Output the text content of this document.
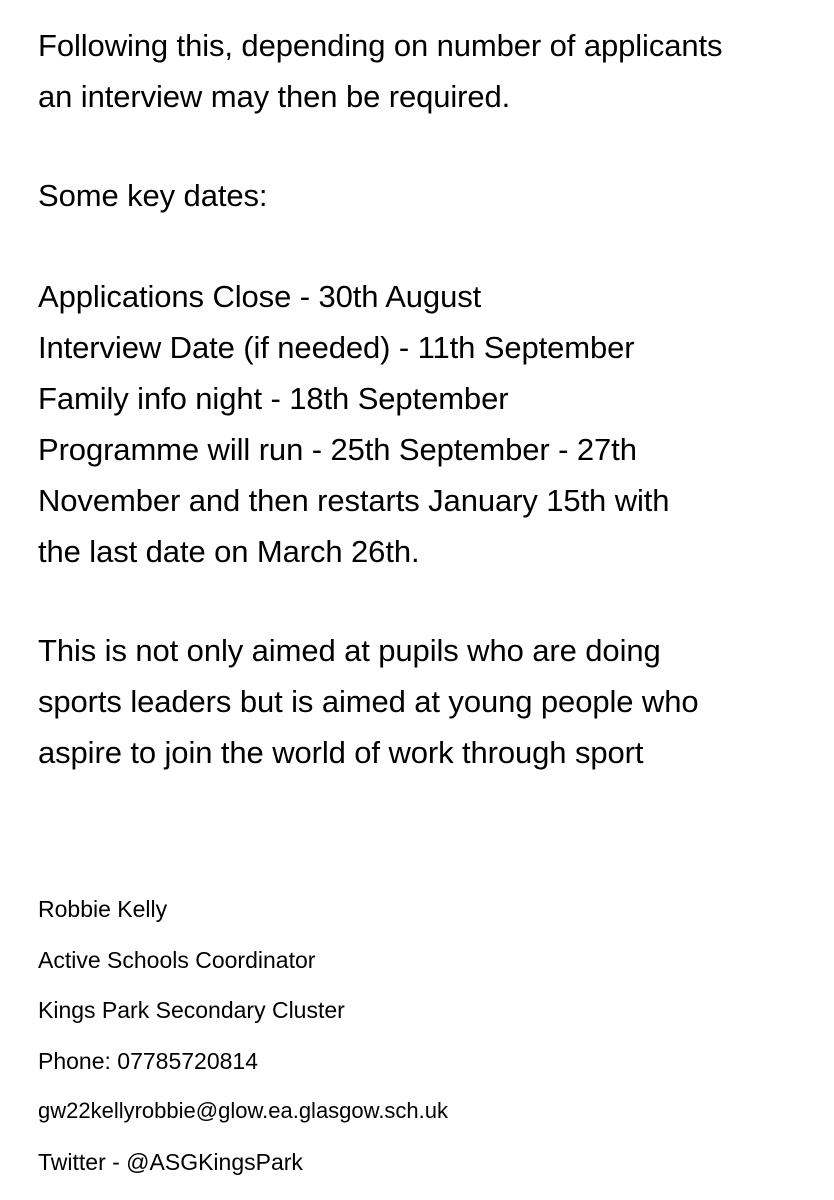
Following this, depending on number of applicants
an interview may then be required.
Some key dates:
Applications Close - 30th August
Interview Date (if needed) - 11th September
Family info night - 18th September
Programme will run - 25th September - 27th
November and then restarts January 15th with
the last date on March 26th.
This is not only aimed at pupils who are doing
sports leaders but is aimed at young people who
aspire to join the world of work through sport
Robbie Kelly
Active Schools Coordinator
Kings Park Secondary Cluster
Phone: 07785720814
gw22kellyrobbie@glow.ea.glasgow.sch.uk
Twitter - @ASGKingsPark
